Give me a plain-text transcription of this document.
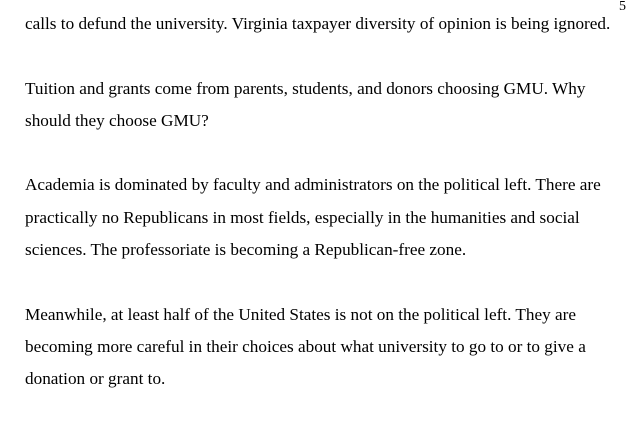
5

calls to defund the university. Virginia taxpayer diversity of opinion is being ignored.

Tuition and grants come from parents, students, and donors choosing GMU. Why should they choose GMU?

Academia is dominated by faculty and administrators on the political left. There are practically no Republicans in most fields, especially in the humanities and social sciences. The professoriate is becoming a Republican-free zone.

Meanwhile, at least half of the United States is not on the political left. They are becoming more careful in their choices about what university to go to or to give a donation or grant to.
